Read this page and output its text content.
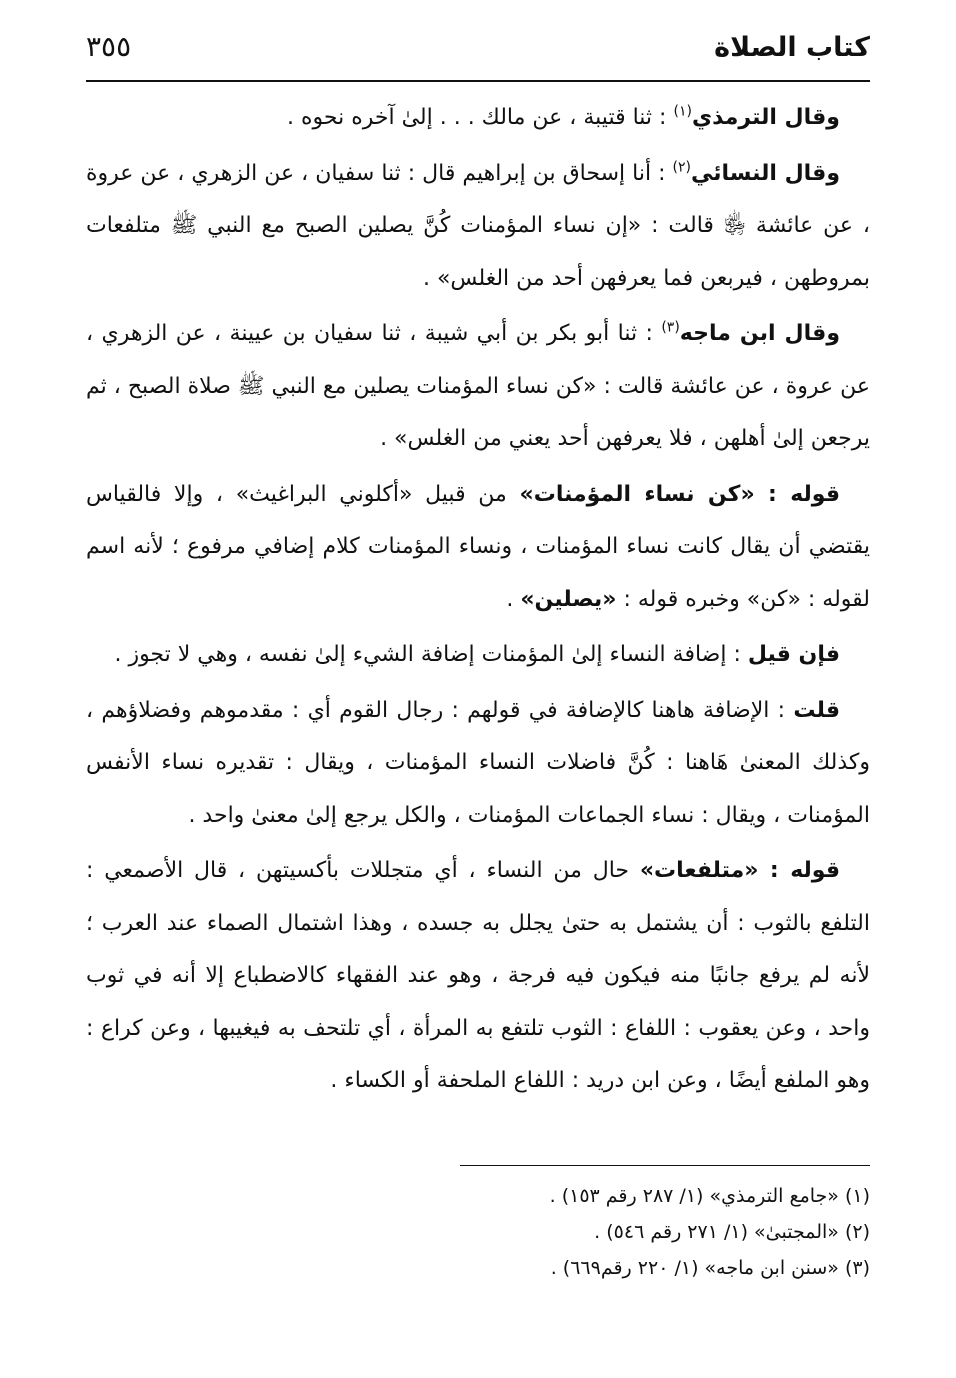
كتاب الصلاة
٣٥٥

وقال الترمذي$^{(١)}$ : ثنا قتيبة ، عن مالك . . . إلىٰ آخره نحوه .

وقال النسائي$^{(٢)}$ : أنا إسحاق بن إبراهيم قال : ثنا سفيان ، عن الزهري ، عن عروة ، عن عائشة ﵂ قالت : «إن نساء المؤمنات كُنَّ يصلين الصبح مع النبي ﷺ متلفعات بمروطهن ، فيربعن فما يعرفهن أحد من الغلس» .

وقال ابن ماجه$^{(٣)}$ : ثنا أبو بكر بن أبي شيبة ، ثنا سفيان بن عيينة ، عن الزهري ، عن عروة ، عن عائشة قالت : «كن نساء المؤمنات يصلين مع النبي ﷺ صلاة الصبح ، ثم يرجعن إلىٰ أهلهن ، فلا يعرفهن أحد يعني من الغلس» .

قوله : «كن نساء المؤمنات» من قبيل «أكلوني البراغيث» ، وإلا فالقياس يقتضي أن يقال كانت نساء المؤمنات ، ونساء المؤمنات كلام إضافي مرفوع ؛ لأنه اسم لقوله : «كن» وخبره قوله : «يصلين» .

فإن قيل : إضافة النساء إلىٰ المؤمنات إضافة الشيء إلىٰ نفسه ، وهي لا تجوز .

قلت : الإضافة هاهنا كالإضافة في قولهم : رجال القوم أي : مقدموهم وفضلاؤهم ، وكذلك المعنىٰ هَاهنا : كُنَّ فاضلات النساء المؤمنات ، ويقال : تقديره نساء الأنفس المؤمنات ، ويقال : نساء الجماعات المؤمنات ، والكل يرجع إلىٰ معنىٰ واحد .

قوله : «متلفعات» حال من النساء ، أي متجللات بأكسيتهن ، قال الأصمعي : التلفع بالثوب : أن يشتمل به حتىٰ يجلل به جسده ، وهذا اشتمال الصماء عند العرب ؛ لأنه لم يرفع جانبًا منه فيكون فيه فرجة ، وهو عند الفقهاء كالاضطباع إلا أنه في ثوب واحد ، وعن يعقوب : اللفاع : الثوب تلتفع به المرأة ، أي تلتحف به فيغيبها ، وعن كراع : وهو الملفع أيضًا ، وعن ابن دريد : اللفاع الملحفة أو الكساء .

(١) «جامع الترمذي» (١/ ٢٨٧ رقم ١٥٣) .

(٢) «المجتبىٰ» (١/ ٢٧١ رقم ٥٤٦) .

(٣) «سنن ابن ماجه» (١/ ٢٢٠ رقم٦٦٩) .
